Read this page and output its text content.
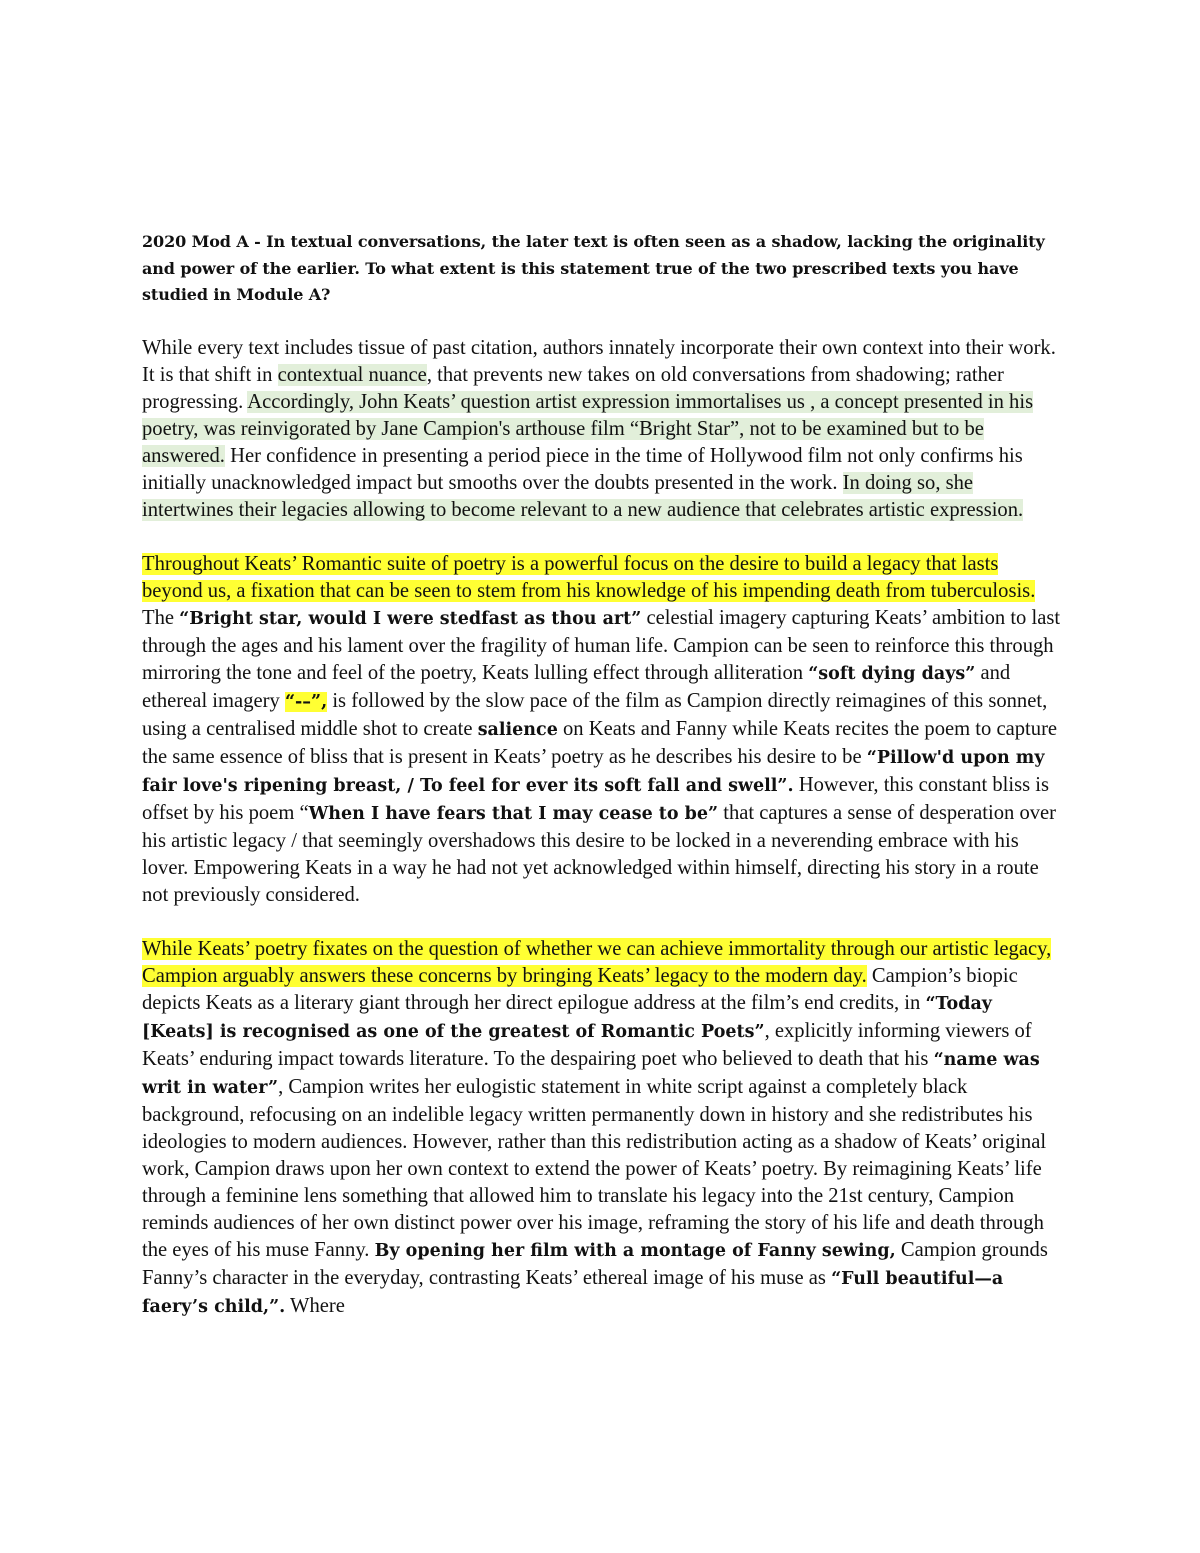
2020 Mod A - In textual conversations, the later text is often seen as a shadow, lacking the originality and power of the earlier. To what extent is this statement true of the two prescribed texts you have studied in Module A?

While every text includes tissue of past citation, authors innately incorporate their own context into their work. It is that shift in contextual nuance, that prevents new takes on old conversations from shadowing; rather progressing. Accordingly, John Keats’ question artist expression immortalises us , a concept presented in his poetry, was reinvigorated by Jane Campion's arthouse film “Bright Star”, not to be examined but to be answered. Her confidence in presenting a period piece in the time of Hollywood film not only confirms his initially unacknowledged impact but smooths over the doubts presented in the work. In doing so, she intertwines their legacies allowing to become relevant to a new audience that celebrates artistic expression.

Throughout Keats’ Romantic suite of poetry is a powerful focus on the desire to build a legacy that lasts beyond us, a fixation that can be seen to stem from his knowledge of his impending death from tuberculosis. The “Bright star, would I were stedfast as thou art” celestial imagery capturing Keats’ ambition to last through the ages and his lament over the fragility of human life. Campion can be seen to reinforce this through mirroring the tone and feel of the poetry, Keats lulling effect through alliteration “soft dying days” and ethereal imagery “-–”, is followed by the slow pace of the film as Campion directly reimagines of this sonnet, using a centralised middle shot to create salience on Keats and Fanny while Keats recites the poem to capture the same essence of bliss that is present in Keats’ poetry as he describes his desire to be “Pillow'd upon my fair love's ripening breast, / To feel for ever its soft fall and swell”. However, this constant bliss is offset by his poem “When I have fears that I may cease to be” that captures a sense of desperation over his artistic legacy / that seemingly overshadows this desire to be locked in a neverending embrace with his lover. Empowering Keats in a way he had not yet acknowledged within himself, directing his story in a route not previously considered.

While Keats’ poetry fixates on the question of whether we can achieve immortality through our artistic legacy, Campion arguably answers these concerns by bringing Keats’ legacy to the modern day. Campion’s biopic depicts Keats as a literary giant through her direct epilogue address at the film’s end credits, in “Today [Keats] is recognised as one of the greatest of Romantic Poets”, explicitly informing viewers of Keats’ enduring impact towards literature. To the despairing poet who believed to death that his “name was writ in water”, Campion writes her eulogistic statement in white script against a completely black background, refocusing on an indelible legacy written permanently down in history and she redistributes his ideologies to modern audiences. However, rather than this redistribution acting as a shadow of Keats’ original work, Campion draws upon her own context to extend the power of Keats’ poetry. By reimagining Keats’ life through a feminine lens something that allowed him to translate his legacy into the 21st century, Campion reminds audiences of her own distinct power over his image, reframing the story of his life and death through the eyes of his muse Fanny. By opening her film with a montage of Fanny sewing, Campion grounds Fanny’s character in the everyday, contrasting Keats’ ethereal image of his muse as “Full beautiful—a faery’s child,”. Where
